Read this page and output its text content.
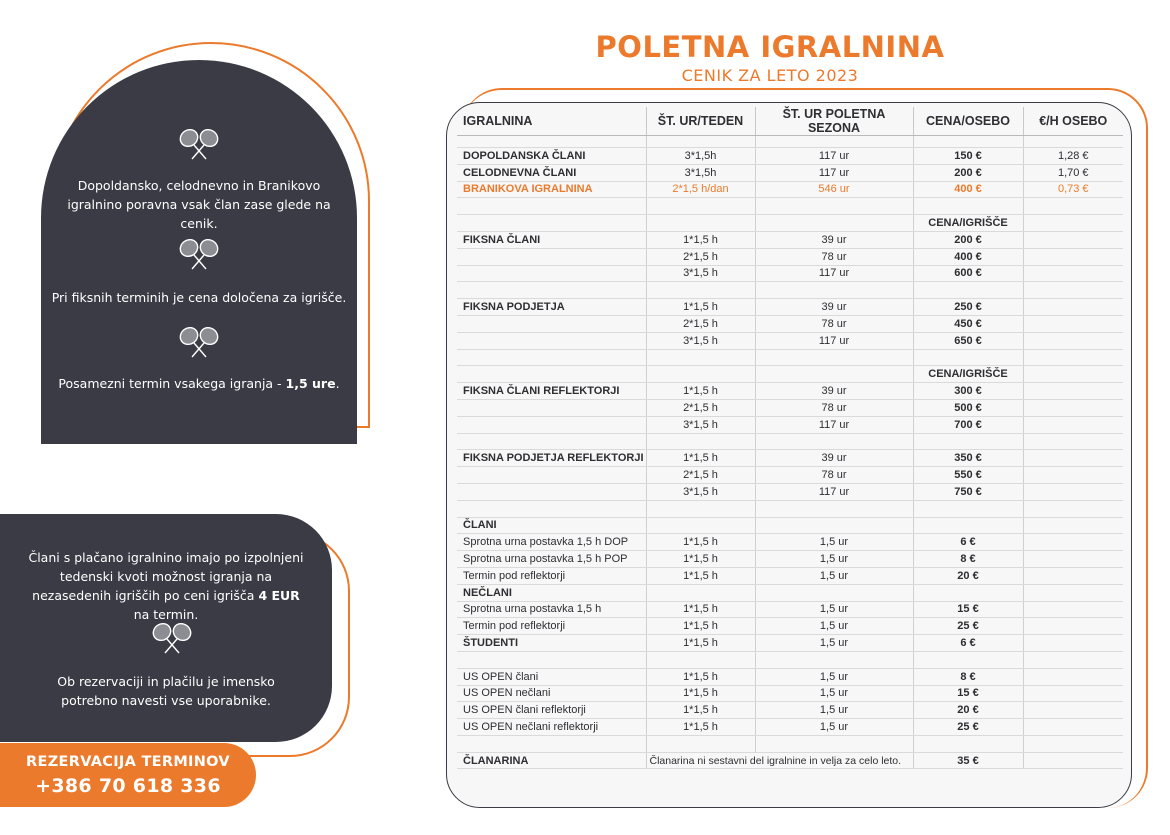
POLETNA IGRALNINA
CENIK ZA LETO 2023
Dopoldansko, celodnevno in Branikovo igralnino poravna vsak član zase glede na cenik.
Pri fiksnih terminih je cena določena za igrišče.
Posamezni termin vsakega igranja - 1,5 ure.
Člani s plačano igralnino imajo po izpolnjeni tedenski kvoti možnost igranja na nezasedenih igriščih po ceni igrišča 4 EUR na termin.
Ob rezervaciji in plačilu je imensko potrebno navesti vse uporabnike.
REZERVACIJA TERMINOV
+386 70 618 336
IGRALNINA	ŠT. UR/TEDEN	ŠT. UR POLETNA SEZONA	CENA/OSEBO	€/H OSEBO

DOPOLDANSKA ČLANI	3*1,5h	117 ur	150 €	1,28 €
CELODNEVNA ČLANI	3*1,5h	117 ur	200 €	1,70 €
BRANIKOVA IGRALNINA	2*1,5 h/dan	546 ur	400 €	0,73 €

			CENA/IGRIŠČE	
FIKSNA ČLANI	1*1,5 h	39 ur	200 €	
	2*1,5 h	78 ur	400 €	
	3*1,5 h	117 ur	600 €	

FIKSNA PODJETJA	1*1,5 h	39 ur	250 €	
	2*1,5 h	78 ur	450 €	
	3*1,5 h	117 ur	650 €	

			CENA/IGRIŠČE	
FIKSNA ČLANI REFLEKTORJI	1*1,5 h	39 ur	300 €	
	2*1,5 h	78 ur	500 €	
	3*1,5 h	117 ur	700 €	

FIKSNA PODJETJA REFLEKTORJI	1*1,5 h	39 ur	350 €	
	2*1,5 h	78 ur	550 €	
	3*1,5 h	117 ur	750 €	

ČLANI				
Sprotna urna postavka 1,5 h DOP	1*1,5 h	1,5 ur	6 €	
Sprotna urna postavka 1,5 h POP	1*1,5 h	1,5 ur	8 €	
Termin pod reflektorji	1*1,5 h	1,5 ur	20 €	
NEČLANI				
Sprotna urna postavka 1,5 h	1*1,5 h	1,5 ur	15 €	
Termin pod reflektorji	1*1,5 h	1,5 ur	25 €	
ŠTUDENTI	1*1,5 h	1,5 ur	6 €	

US OPEN člani	1*1,5 h	1,5 ur	8 €	
US OPEN nečlani	1*1,5 h	1,5 ur	15 €	
US OPEN člani reflektorji	1*1,5 h	1,5 ur	20 €	
US OPEN nečlani reflektorji	1*1,5 h	1,5 ur	25 €	

ČLANARINA	Članarina ni sestavni del igralnine in velja za celo leto.		35 €	
